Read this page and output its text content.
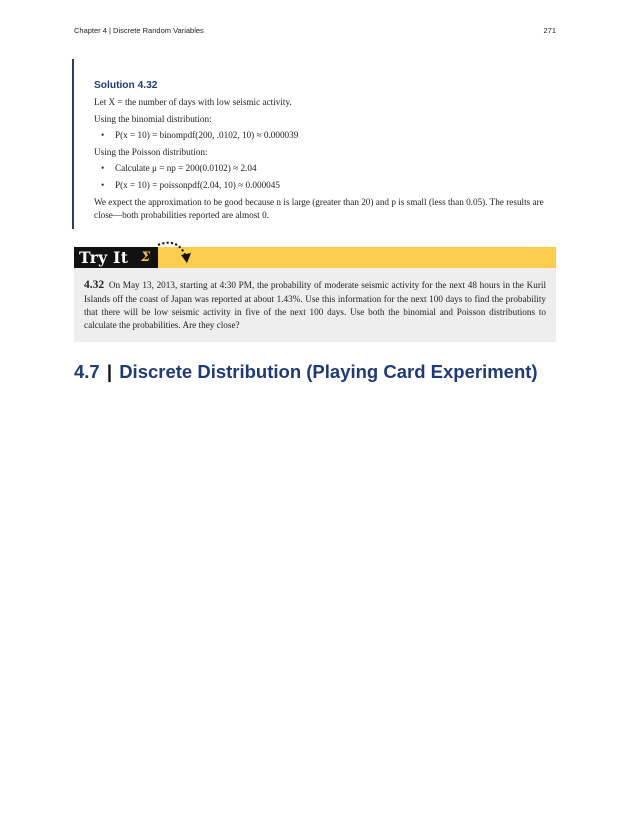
Chapter 4 | Discrete Random Variables	271
Solution 4.32

Let X = the number of days with low seismic activity.

Using the binomial distribution:

• P(x = 10) = binompdf(200, .0102, 10) ≈ 0.000039

Using the Poisson distribution:

• Calculate μ = np = 200(0.0102) ≈ 2.04
• P(x = 10) = poissonpdf(2.04, 10) ≈ 0.000045

We expect the approximation to be good because n is large (greater than 20) and p is small (less than 0.05). The results are close—both probabilities reported are almost 0.

Try It Σ
4.32 On May 13, 2013, starting at 4:30 PM, the probability of moderate seismic activity for the next 48 hours in the Kuril Islands off the coast of Japan was reported at about 1.43%. Use this information for the next 100 days to find the probability that there will be low seismic activity in five of the next 100 days. Use both the binomial and Poisson distributions to calculate the probabilities. Are they close?
4.7 | Discrete Distribution (Playing Card Experiment)
